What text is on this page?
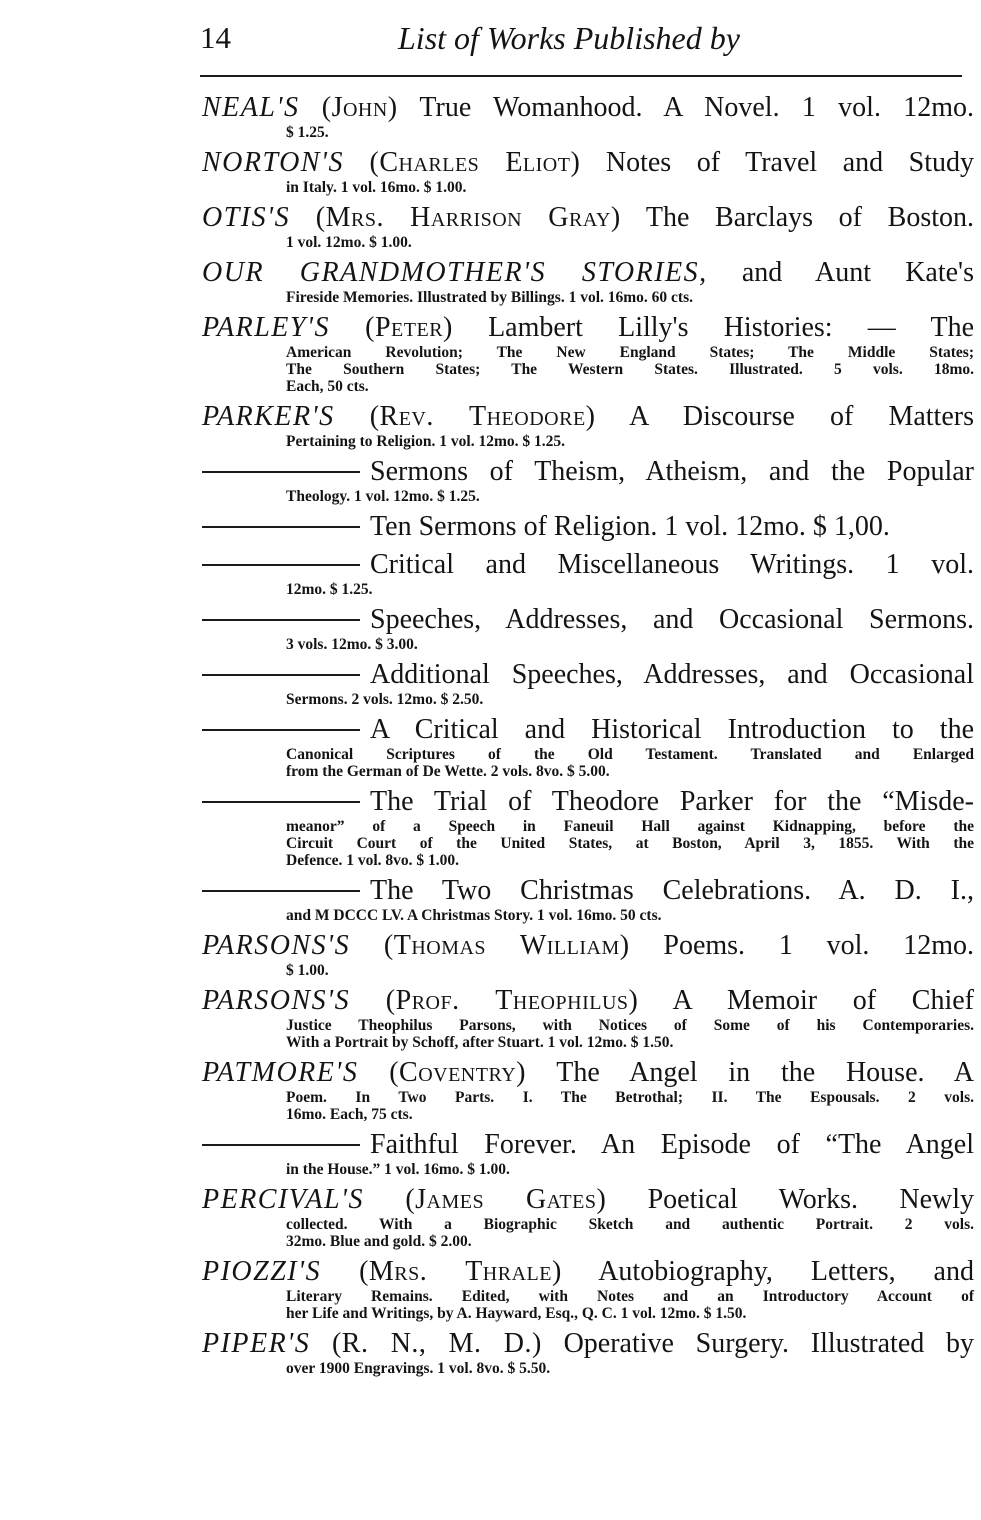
14	List of Works Published by
NEAL'S (John) True Womanhood. A Novel. 1 vol. 12mo.
$ 1.25.
NORTON'S (Charles Eliot) Notes of Travel and Study
in Italy. 1 vol. 16mo. $ 1.00.
OTIS'S (Mrs. Harrison Gray) The Barclays of Boston.
1 vol. 12mo. $ 1.00.
OUR GRANDMOTHER'S STORIES, and Aunt Kate's
Fireside Memories. Illustrated by Billings. 1 vol. 16mo. 60 cts.
PARLEY'S (Peter) Lambert Lilly's Histories: — The
American Revolution; The New England States; The Middle States;
The Southern States; The Western States. Illustrated. 5 vols. 18mo.
Each, 50 cts.
PARKER'S (Rev. Theodore) A Discourse of Matters
Pertaining to Religion. 1 vol. 12mo. $ 1.25.
Sermons of Theism, Atheism, and the Popular
Theology. 1 vol. 12mo. $ 1.25.
Ten Sermons of Religion. 1 vol. 12mo. $ 1,00.
Critical and Miscellaneous Writings. 1 vol.
12mo. $ 1.25.
Speeches, Addresses, and Occasional Sermons.
3 vols. 12mo. $ 3.00.
Additional Speeches, Addresses, and Occasional
Sermons. 2 vols. 12mo. $ 2.50.
A Critical and Historical Introduction to the
Canonical Scriptures of the Old Testament. Translated and Enlarged
from the German of De Wette. 2 vols. 8vo. $ 5.00.
The Trial of Theodore Parker for the “Misde-
meanor” of a Speech in Faneuil Hall against Kidnapping, before the
Circuit Court of the United States, at Boston, April 3, 1855. With the
Defence. 1 vol. 8vo. $ 1.00.
The Two Christmas Celebrations. A. D. I.,
and M DCCC LV. A Christmas Story. 1 vol. 16mo. 50 cts.
PARSONS'S (Thomas William) Poems. 1 vol. 12mo.
$ 1.00.
PARSONS'S (Prof. Theophilus) A Memoir of Chief
Justice Theophilus Parsons, with Notices of Some of his Contemporaries.
With a Portrait by Schoff, after Stuart. 1 vol. 12mo. $ 1.50.
PATMORE'S (Coventry) The Angel in the House. A
Poem. In Two Parts. I. The Betrothal; II. The Espousals. 2 vols.
16mo. Each, 75 cts.
Faithful Forever. An Episode of “The Angel
in the House.” 1 vol. 16mo. $ 1.00.
PERCIVAL'S (James Gates) Poetical Works. Newly
collected. With a Biographic Sketch and authentic Portrait. 2 vols.
32mo. Blue and gold. $ 2.00.
PIOZZI'S (Mrs. Thrale) Autobiography, Letters, and
Literary Remains. Edited, with Notes and an Introductory Account of
her Life and Writings, by A. Hayward, Esq., Q. C. 1 vol. 12mo. $ 1.50.
PIPER'S (R. N., M. D.) Operative Surgery. Illustrated by
over 1900 Engravings. 1 vol. 8vo. $ 5.50.
